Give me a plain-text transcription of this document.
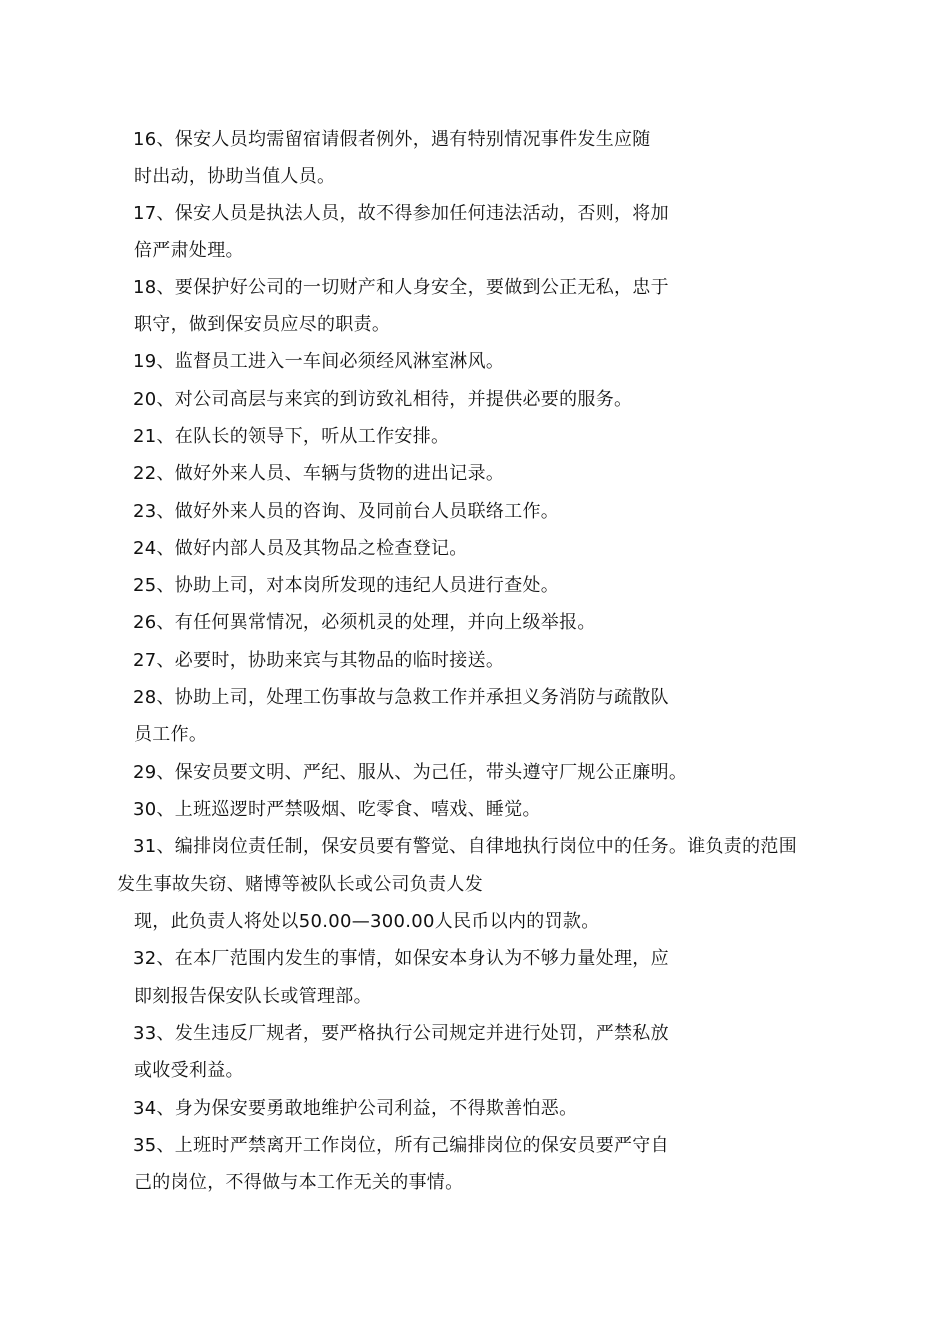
16、保安人员均需留宿请假者例外，遇有特别情况事件发生应随
时出动，协助当值人员。
17、保安人员是执法人员，故不得参加任何违法活动，否则，将加
倍严肃处理。
18、要保护好公司的一切财产和人身安全，要做到公正无私，忠于
职守，做到保安员应尽的职责。
19、监督员工进入一车间必须经风淋室淋风。
20、对公司高层与来宾的到访致礼相待，并提供必要的服务。
21、在队长的领导下，听从工作安排。
22、做好外来人员、车辆与货物的进出记录。
23、做好外来人员的咨询、及同前台人员联络工作。
24、做好内部人员及其物品之检查登记。
25、协助上司，对本岗所发现的违纪人员进行查处。
26、有任何異常情况，必须机灵的处理，并向上级举报。
27、必要时，协助来宾与其物品的临时接送。
28、协助上司，处理工伤事故与急救工作并承担义务消防与疏散队
员工作。
29、保安员要文明、严纪、服从、为己任，带头遵守厂规公正廉明。
30、上班巡逻时严禁吸烟、吃零食、嘻戏、睡觉。
31、编排岗位责任制，保安员要有警觉、自律地执行岗位中的任务。谁负责的范围
发生事故失窃、赌博等被队长或公司负责人发
现，此负责人将处以50.00—300.00人民币以内的罚款。
32、在本厂范围内发生的事情，如保安本身认为不够力量处理，应
即刻报告保安队长或管理部。
33、发生违反厂规者，要严格执行公司规定并进行处罚，严禁私放
或收受利益。
34、身为保安要勇敢地维护公司利益，不得欺善怕恶。
35、上班时严禁离开工作岗位，所有己编排岗位的保安员要严守自
己的岗位，不得做与本工作无关的事情。
